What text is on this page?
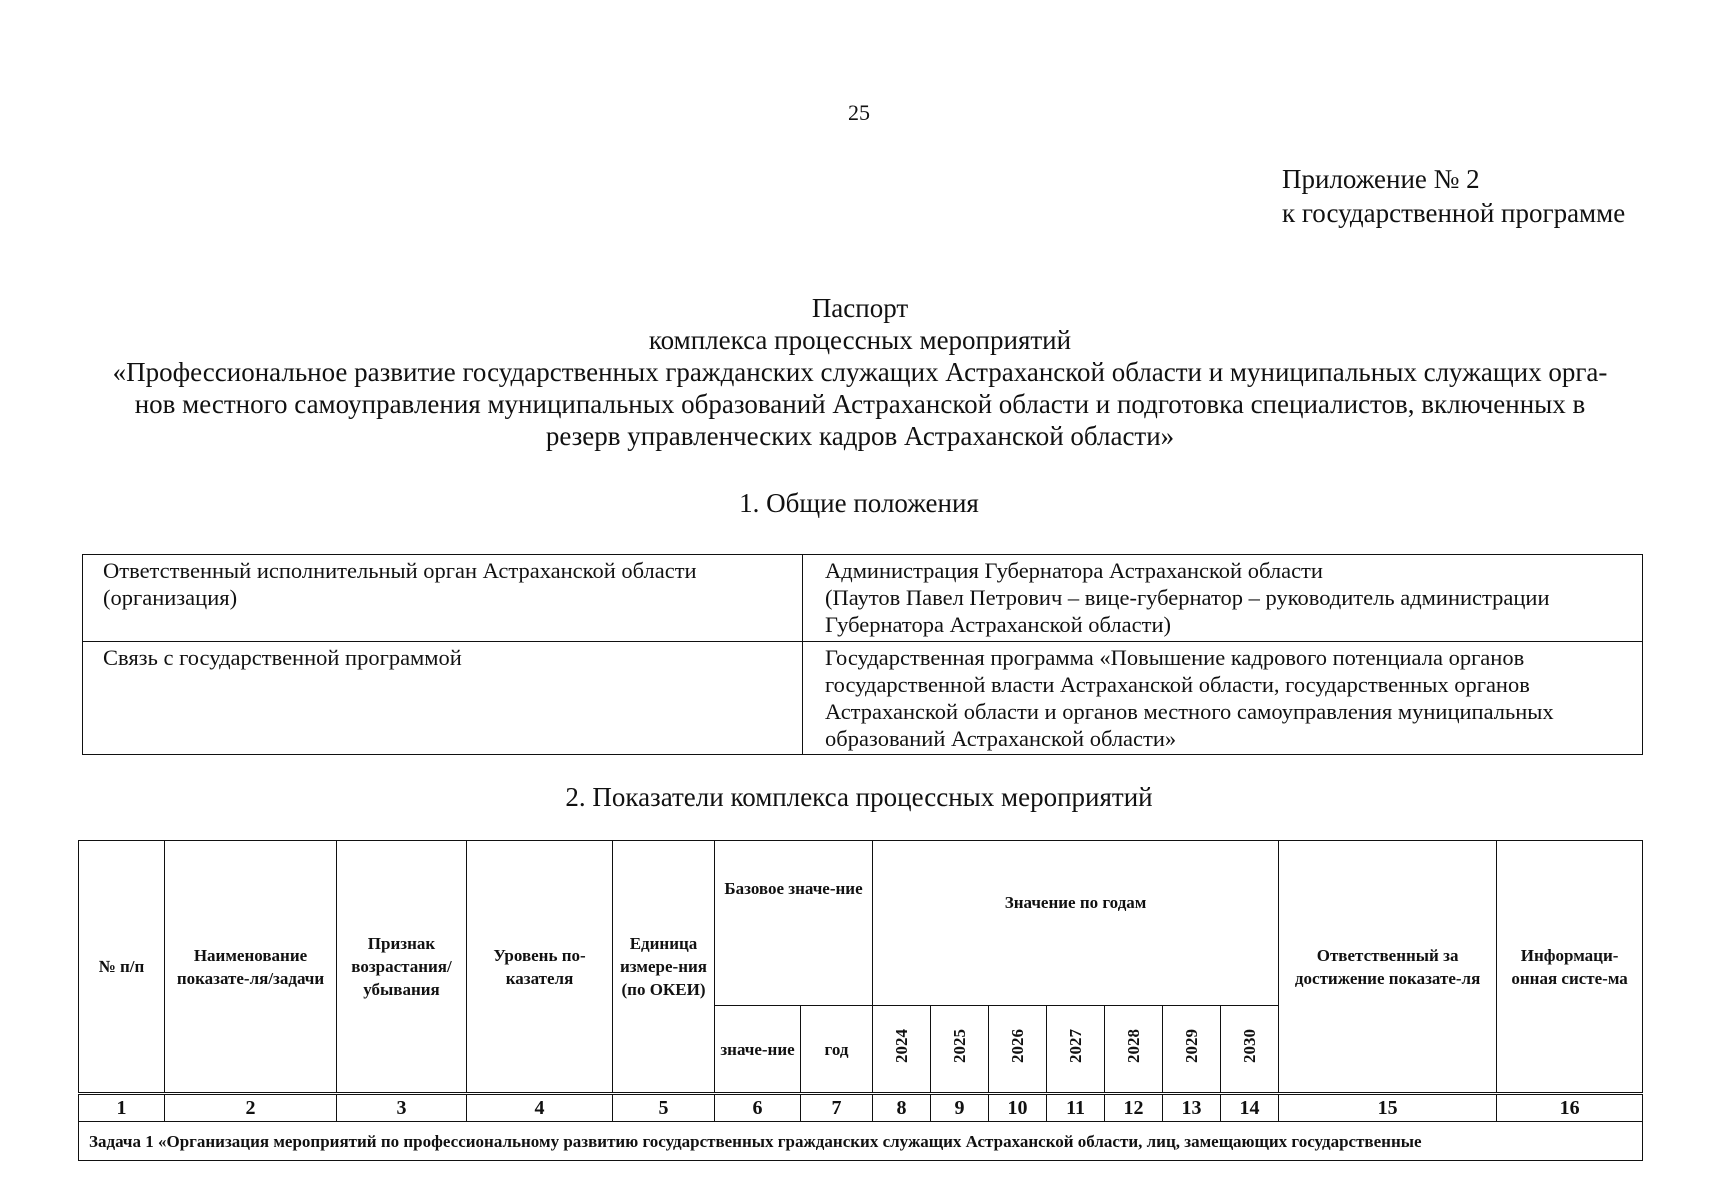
25
Приложение № 2
к государственной программе
Паспорт
комплекса процессных мероприятий
«Профессиональное развитие государственных гражданских служащих Астраханской области и муниципальных служащих орга-
нов местного самоуправления муниципальных образований Астраханской области и подготовка специалистов, включенных в
резерв управленческих кадров Астраханской области»
1. Общие положения
Ответственный исполнительный орган Астраханской области (организация)	Администрация Губернатора Астраханской области
(Паутов Павел Петрович – вице-губернатор – руководитель администрации Губернатора Астраханской области)

Связь с государственной программой	Государственная программа «Повышение кадрового потенциала органов государственной власти Астраханской области, государственных органов Астраханской области и органов местного самоуправления муниципальных образований Астраханской области»
2. Показатели комплекса процессных мероприятий
№ п/п	Наименование показате-ля/задачи	Признак возрастания/ убывания	Уровень по-казателя	Единица измере-ния (по ОКЕИ)	Базовое значе-ние		Значение по годам							Ответственный за достижение показате-ля	Информаци-онная систе-ма
					значе-ние	год	2024	2025	2026	2027	2028	2029	2030		
1	2	3	4	5	6	7	8	9	10	11	12	13	14	15	16
Задача 1 «Организация мероприятий по профессиональному развитию государственных гражданских служащих Астраханской области, лиц, замещающих государственные															
